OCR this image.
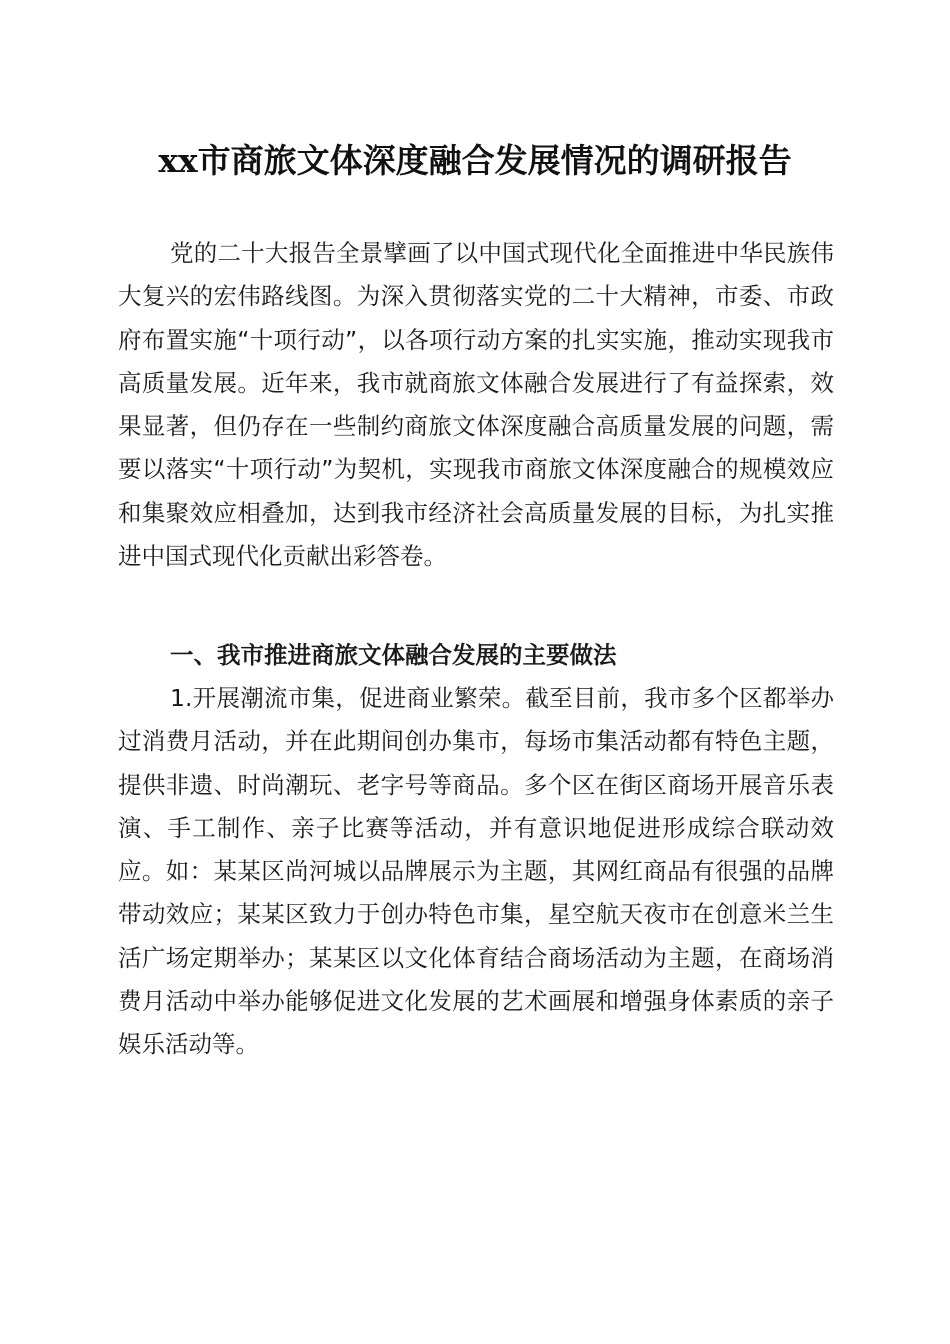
xx市商旅文体深度融合发展情况的调研报告

党的二十大报告全景擘画了以中国式现代化全面推进中华民族伟大复兴的宏伟路线图。为深入贯彻落实党的二十大精神，市委、市政府布置实施“十项行动”，以各项行动方案的扎实实施，推动实现我市高质量发展。近年来，我市就商旅文体融合发展进行了有益探索，效果显著，但仍存在一些制约商旅文体深度融合高质量发展的问题，需要以落实“十项行动”为契机，实现我市商旅文体深度融合的规模效应和集聚效应相叠加，达到我市经济社会高质量发展的目标，为扎实推进中国式现代化贡献出彩答卷。

一、我市推进商旅文体融合发展的主要做法

1.开展潮流市集，促进商业繁荣。截至目前，我市多个区都举办过消费月活动，并在此期间创办集市，每场市集活动都有特色主题，提供非遗、时尚潮玩、老字号等商品。多个区在街区商场开展音乐表演、手工制作、亲子比赛等活动，并有意识地促进形成综合联动效应。如：某某区尚河城以品牌展示为主题，其网红商品有很强的品牌带动效应；某某区致力于创办特色市集，星空航天夜市在创意米兰生活广场定期举办；某某区以文化体育结合商场活动为主题，在商场消费月活动中举办能够促进文化发展的艺术画展和增强身体素质的亲子娱乐活动等。
